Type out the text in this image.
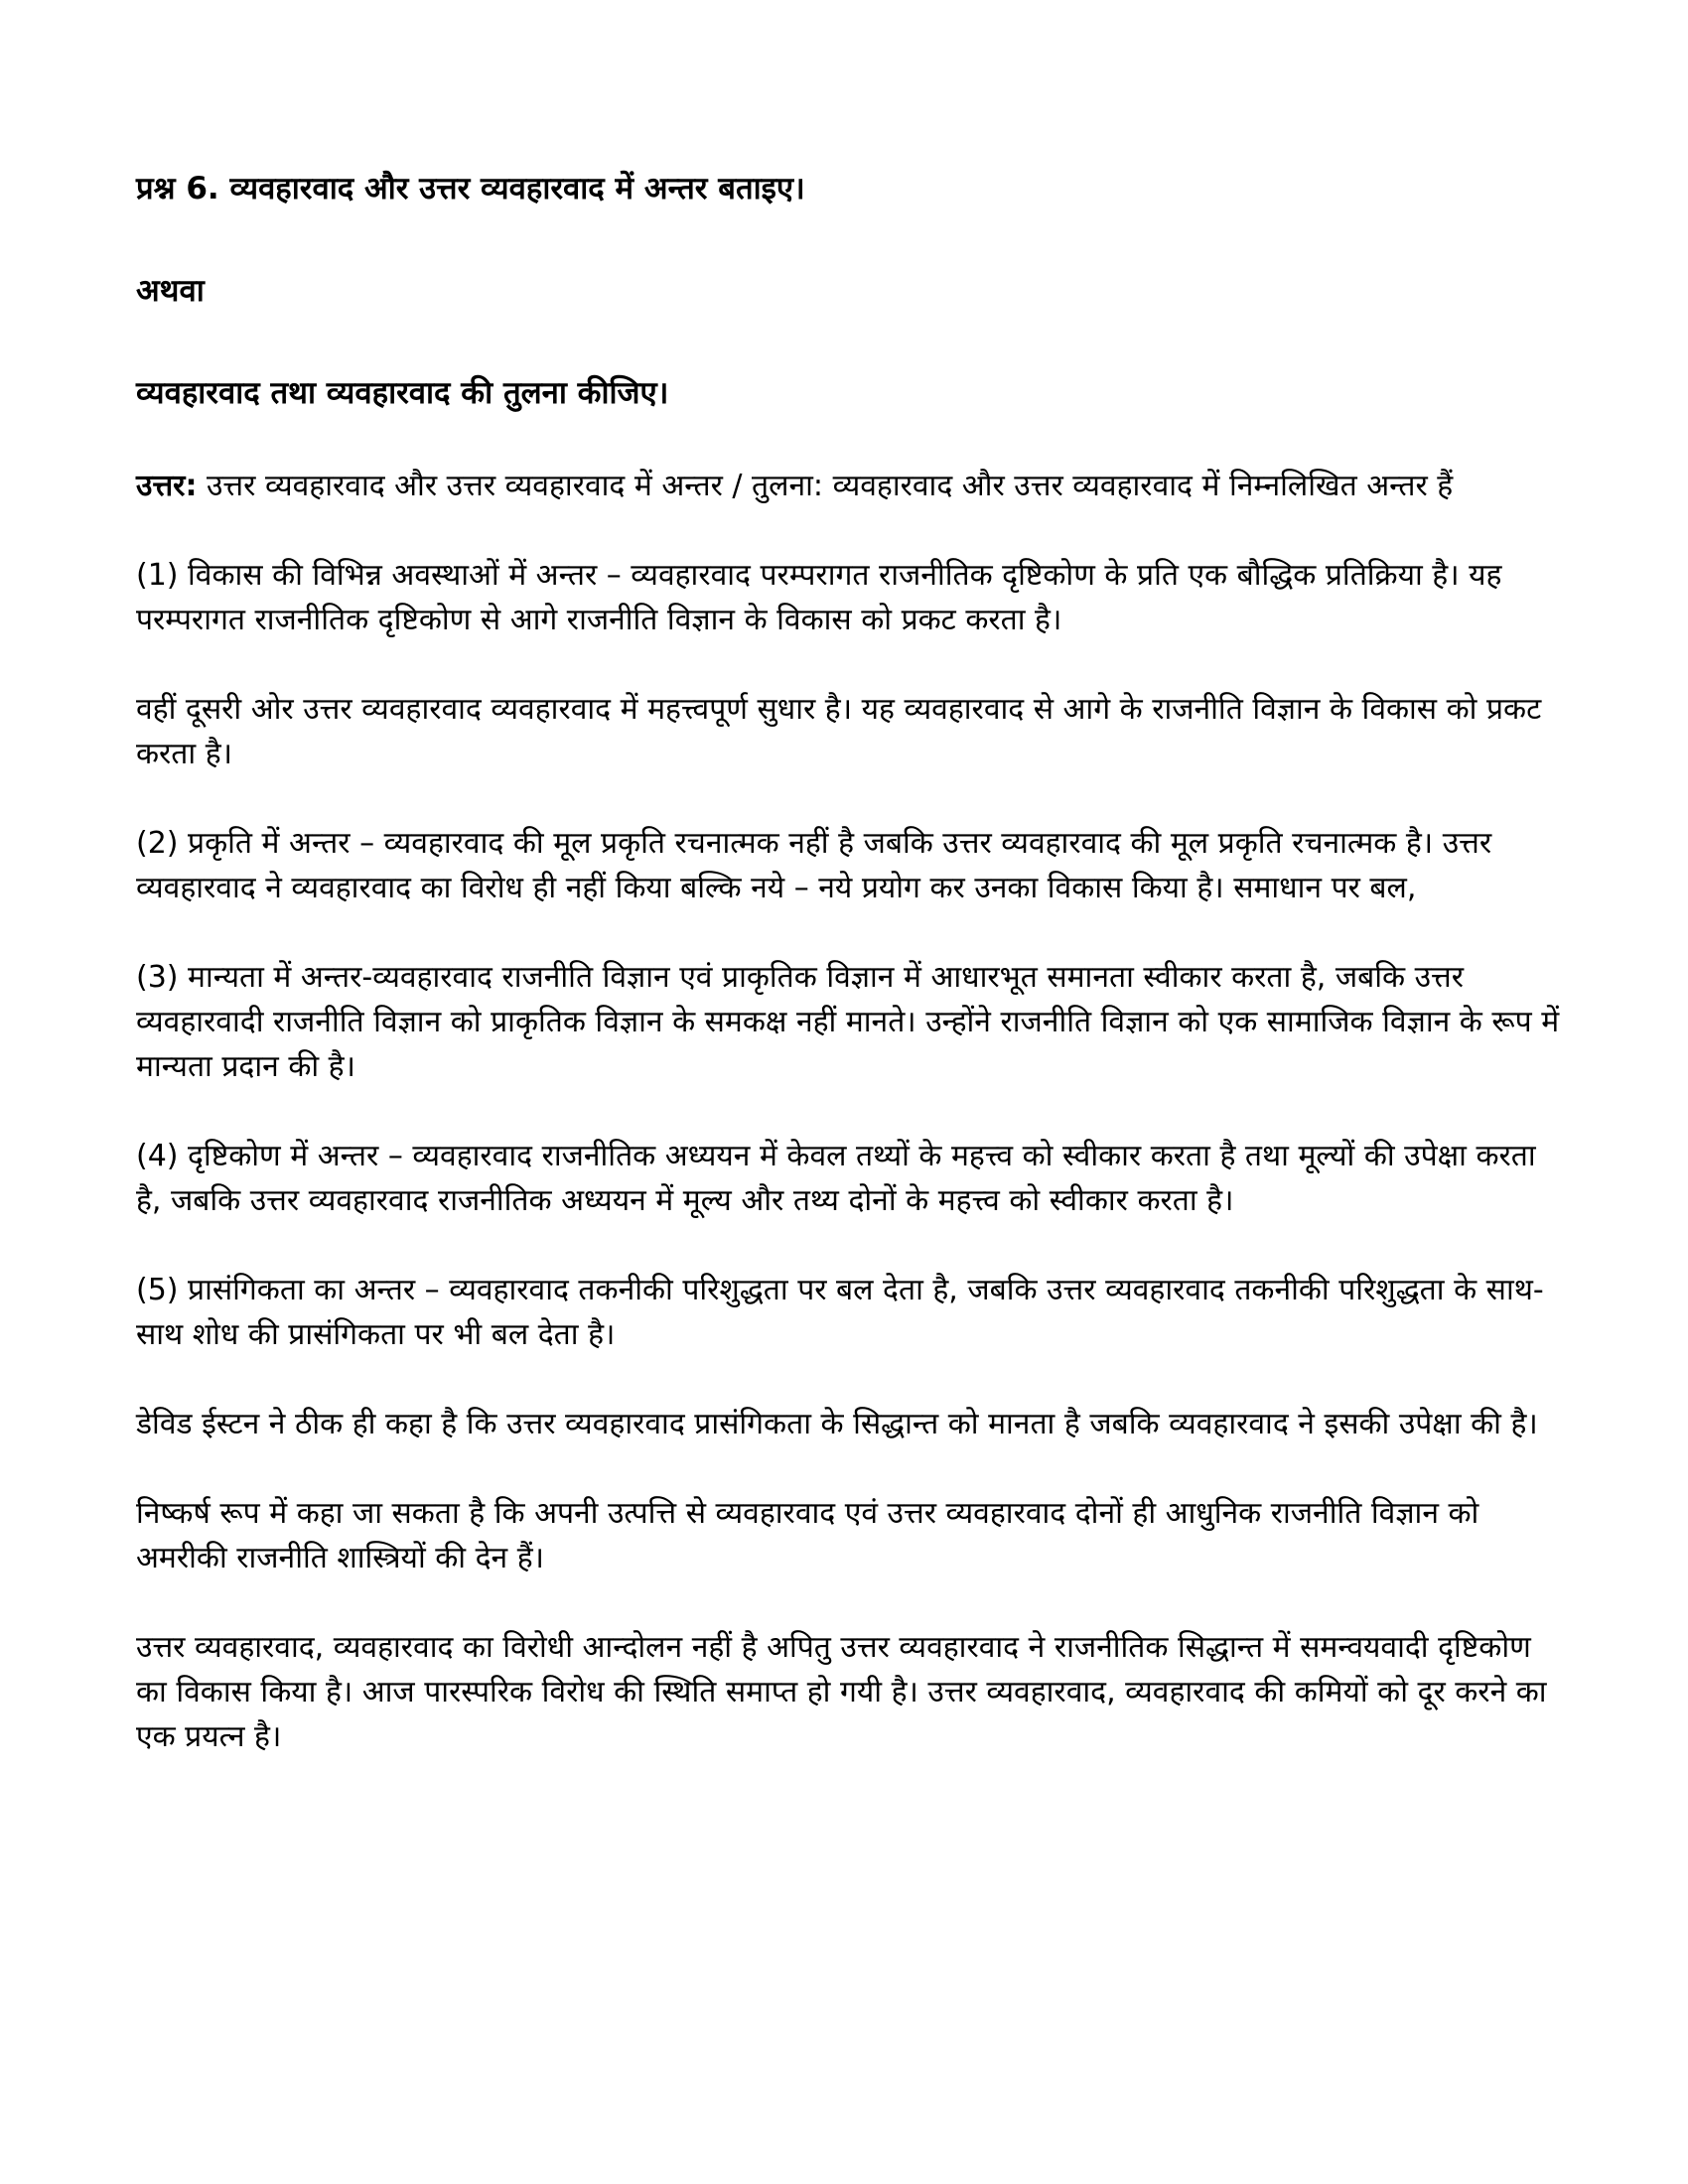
प्रश्न 6. व्यवहारवाद और उत्तर व्यवहारवाद में अन्तर बताइए।

अथवा

व्यवहारवाद तथा व्यवहारवाद की तुलना कीजिए।

उत्तर: उत्तर व्यवहारवाद और उत्तर व्यवहारवाद में अन्तर / तुलना: व्यवहारवाद और उत्तर व्यवहारवाद में निम्नलिखित अन्तर हैं

(1) विकास की विभिन्न अवस्थाओं में अन्तर – व्यवहारवाद परम्परागत राजनीतिक दृष्टिकोण के प्रति एक बौद्धिक प्रतिक्रिया है। यह परम्परागत राजनीतिक दृष्टिकोण से आगे राजनीति विज्ञान के विकास को प्रकट करता है।

वहीं दूसरी ओर उत्तर व्यवहारवाद व्यवहारवाद में महत्त्वपूर्ण सुधार है। यह व्यवहारवाद से आगे के राजनीति विज्ञान के विकास को प्रकट करता है।

(2) प्रकृति में अन्तर – व्यवहारवाद की मूल प्रकृति रचनात्मक नहीं है जबकि उत्तर व्यवहारवाद की मूल प्रकृति रचनात्मक है। उत्तर व्यवहारवाद ने व्यवहारवाद का विरोध ही नहीं किया बल्कि नये – नये प्रयोग कर उनका विकास किया है। समाधान पर बल,

(3) मान्यता में अन्तर-व्यवहारवाद राजनीति विज्ञान एवं प्राकृतिक विज्ञान में आधारभूत समानता स्वीकार करता है, जबकि उत्तर व्यवहारवादी राजनीति विज्ञान को प्राकृतिक विज्ञान के समकक्ष नहीं मानते। उन्होंने राजनीति विज्ञान को एक सामाजिक विज्ञान के रूप में मान्यता प्रदान की है।

(4) दृष्टिकोण में अन्तर – व्यवहारवाद राजनीतिक अध्ययन में केवल तथ्यों के महत्त्व को स्वीकार करता है तथा मूल्यों की उपेक्षा करता है, जबकि उत्तर व्यवहारवाद राजनीतिक अध्ययन में मूल्य और तथ्य दोनों के महत्त्व को स्वीकार करता है।

(5) प्रासंगिकता का अन्तर – व्यवहारवाद तकनीकी परिशुद्धता पर बल देता है, जबकि उत्तर व्यवहारवाद तकनीकी परिशुद्धता के साथ-साथ शोध की प्रासंगिकता पर भी बल देता है।

डेविड ईस्टन ने ठीक ही कहा है कि उत्तर व्यवहारवाद प्रासंगिकता के सिद्धान्त को मानता है जबकि व्यवहारवाद ने इसकी उपेक्षा की है।

निष्कर्ष रूप में कहा जा सकता है कि अपनी उत्पत्ति से व्यवहारवाद एवं उत्तर व्यवहारवाद दोनों ही आधुनिक राजनीति विज्ञान को अमरीकी राजनीति शास्त्रियों की देन हैं।

उत्तर व्यवहारवाद, व्यवहारवाद का विरोधी आन्दोलन नहीं है अपितु उत्तर व्यवहारवाद ने राजनीतिक सिद्धान्त में समन्वयवादी दृष्टिकोण का विकास किया है। आज पारस्परिक विरोध की स्थिति समाप्त हो गयी है। उत्तर व्यवहारवाद, व्यवहारवाद की कमियों को दूर करने का एक प्रयत्न है।
